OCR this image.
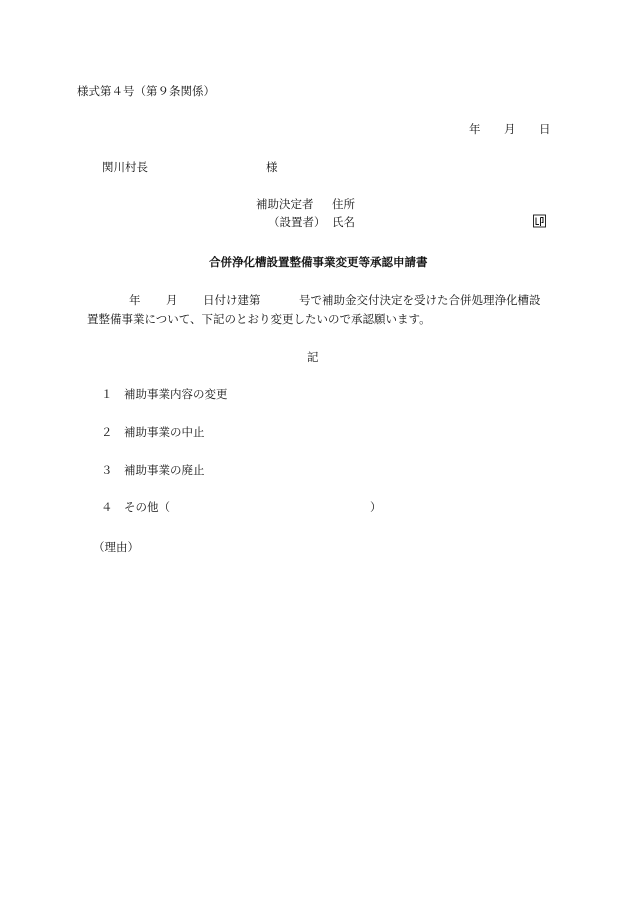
様式第４号（第９条関係）
年 月 日
関川村長	様
補助決定者 住所
（設置者） 氏名
合併浄化槽設置整備事業変更等承認申請書
年 月 日付け建第	号で補助金交付決定を受けた合併処理浄化槽設
置整備事業について、下記のとおり変更したいので承認願います。
記
１ 補助事業内容の変更
２ 補助事業の中止
３ 補助事業の廃止
４ その他（	）
（理由）
